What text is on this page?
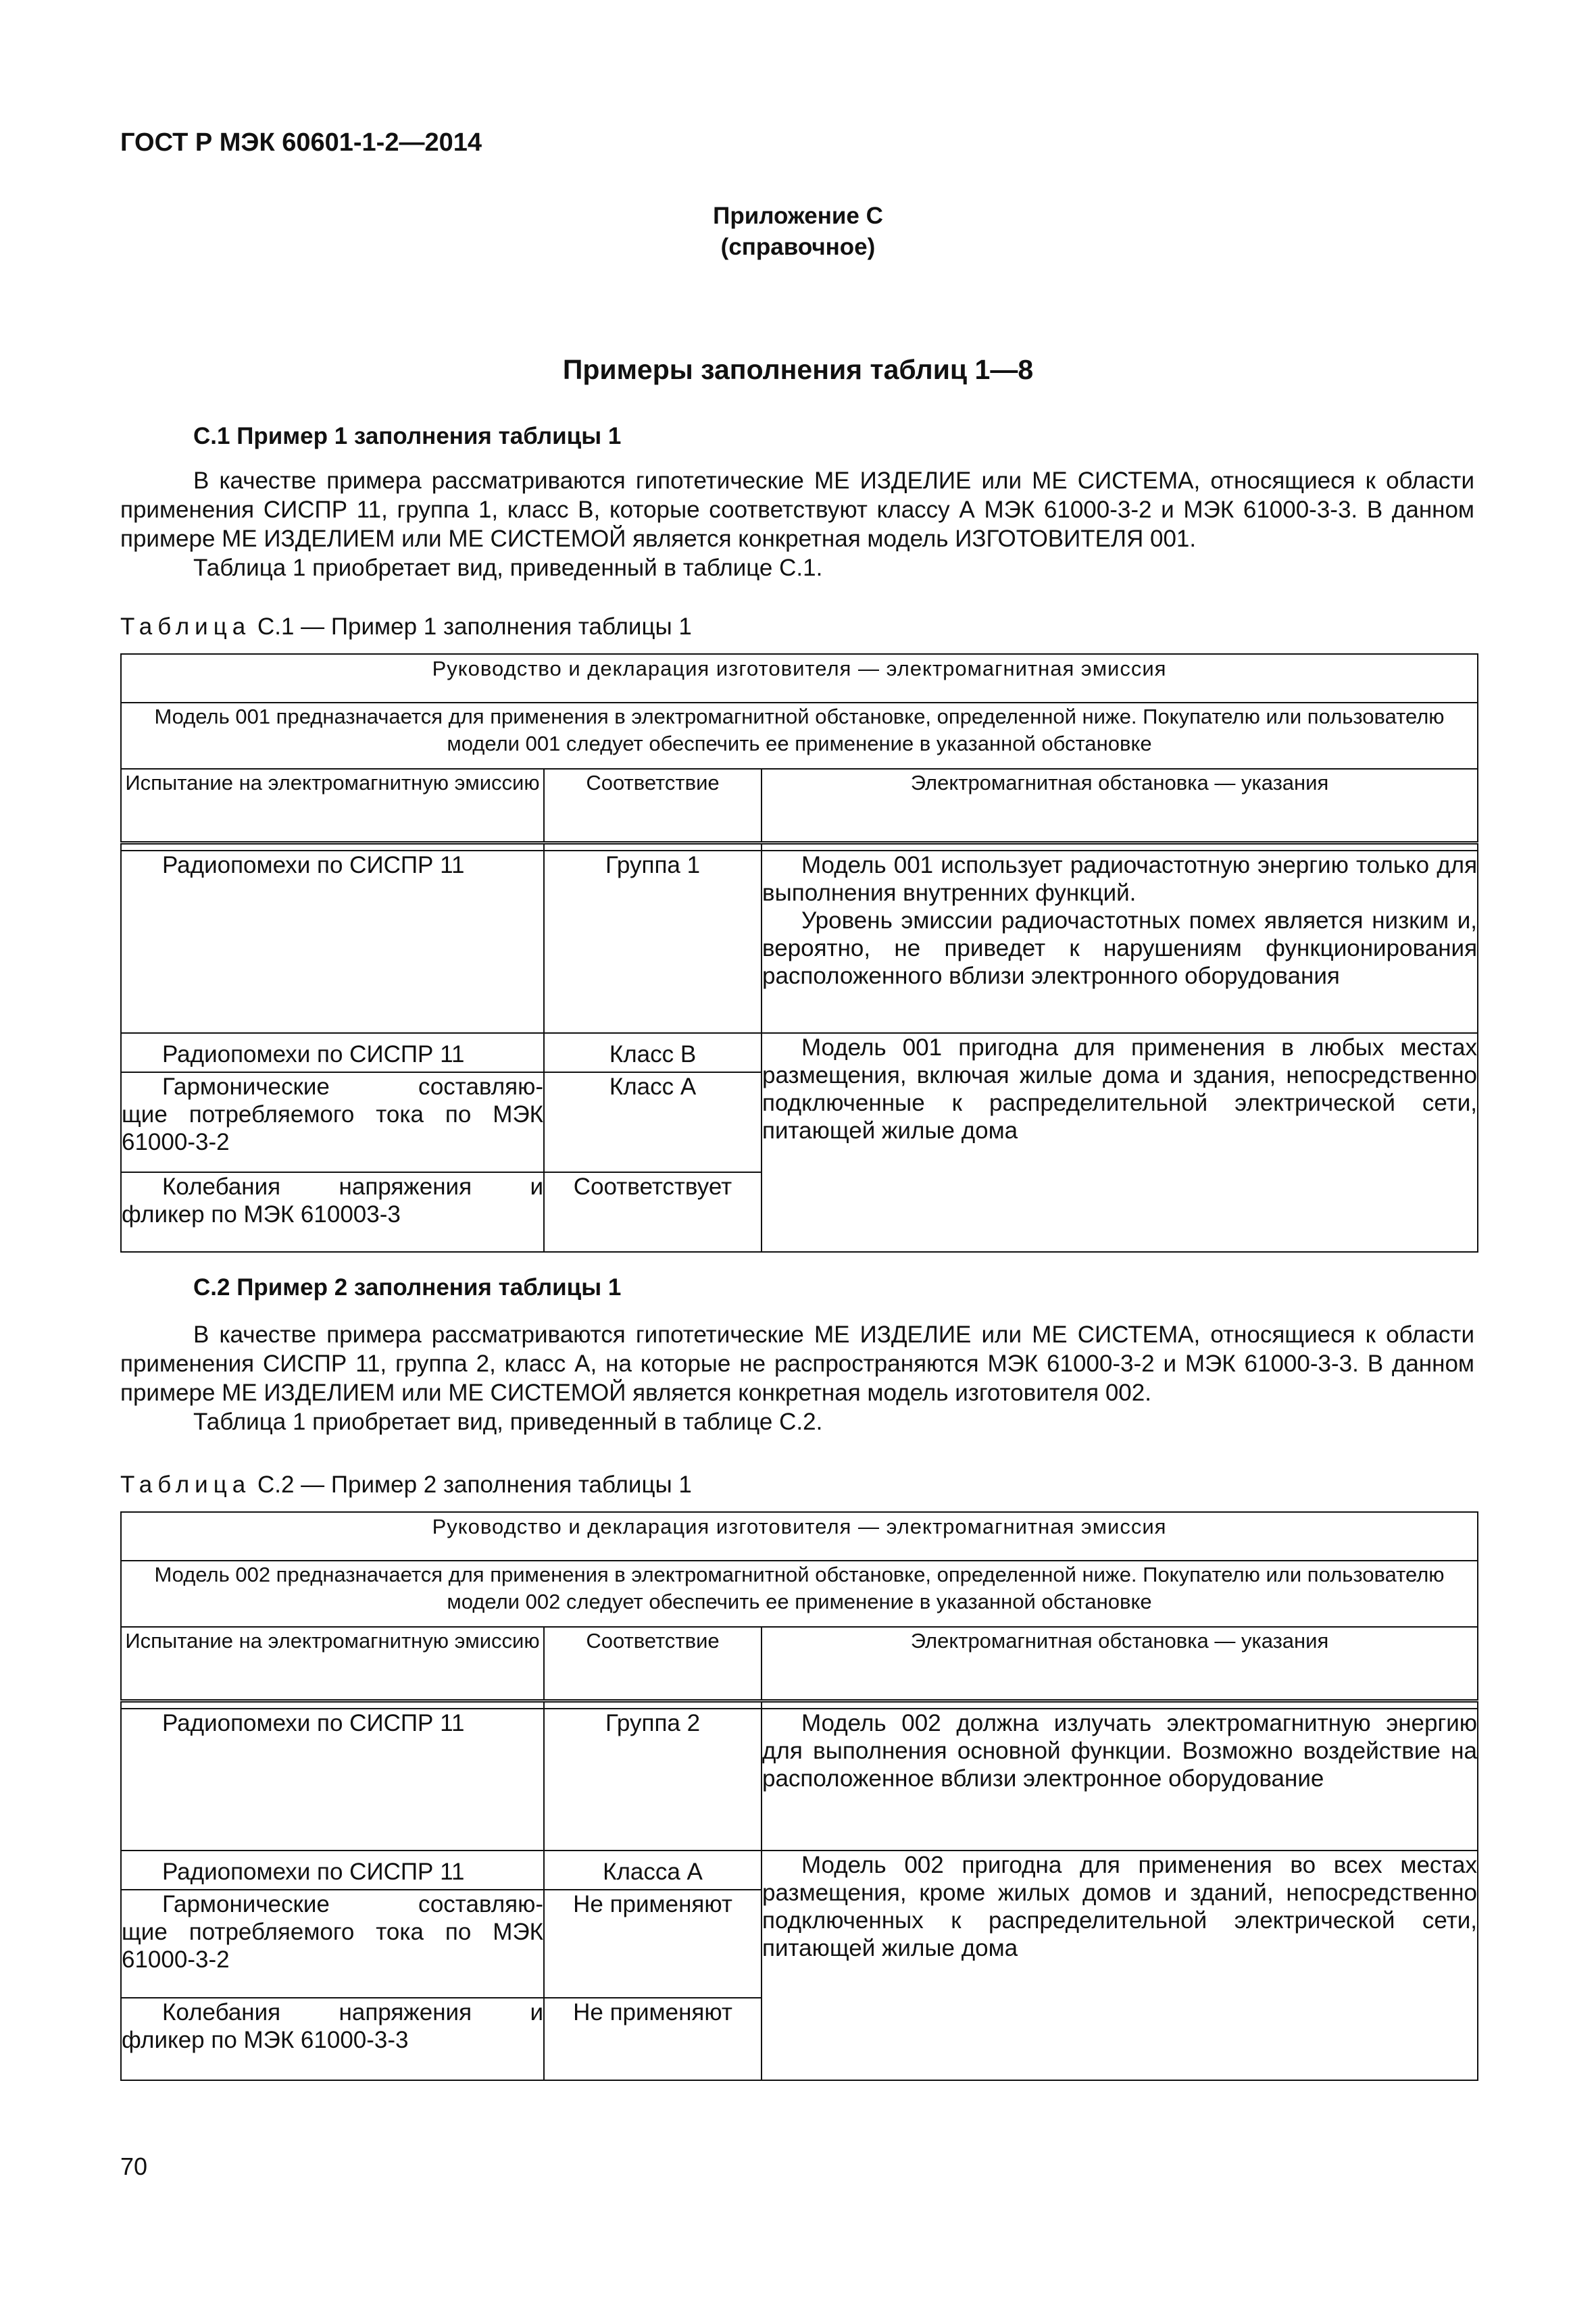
ГОСТ Р МЭК 60601-1-2—2014
Приложение С
(справочное)
Примеры заполнения таблиц 1—8
С.1 Пример 1 заполнения таблицы 1

В качестве примера рассматриваются гипотетические МЕ ИЗДЕЛИЕ или МЕ СИСТЕМА, относящиеся к области применения СИСПР 11, группа 1, класс В, которые соответствуют классу А МЭК 61000-3-2 и МЭК 61000-3-3. В данном примере МЕ ИЗДЕЛИЕМ или МЕ СИСТЕМОЙ является конкретная модель ИЗГОТОВИТЕЛЯ 001.

Таблица 1 приобретает вид, приведенный в таблице С.1.

Таблица С.1 — Пример 1 заполнения таблицы 1
Руководство и декларация изготовителя — электромагнитная эмиссия		
Модель 001 предназначается для применения в электромагнитной обстановке, определенной ниже. Покупателю или пользователю модели 001 следует обеспечить ее применение в указанной обстановке		
Испытание на электромагнитную эмиссию	Соответствие	Электромагнитная обстановка — указания

Радиопомехи по СИСПР 11	Группа 1	Модель 001 использует радиочастотную энергию только для выполнения внутренних функций.

Уровень эмиссии радиочастотных помех является низким и, вероятно, не приведет к нарушениям функционирования расположенного вблизи электронного оборудования

Радиопомехи по СИСПР 11	Класс В	Модель 001 пригодна для применения в любых местах размещения, включая жилые дома и здания, непосредственно подключенные к распределительной электрической сети, питающей жилые дома

Гармонические составляю-
щие потребляемого тока по МЭК 61000-3-2	Класс А	

Колебания напряжения и
фликер по МЭК 610003-3	Соответствует	
С.2 Пример 2 заполнения таблицы 1

В качестве примера рассматриваются гипотетические МЕ ИЗДЕЛИЕ или МЕ СИСТЕМА, относящиеся к области применения СИСПР 11, группа 2, класс А, на которые не распространяются МЭК 61000-3-2 и МЭК 61000-3-3. В данном примере МЕ ИЗДЕЛИЕМ или МЕ СИСТЕМОЙ является конкретная модель изготовителя 002.

Таблица 1 приобретает вид, приведенный в таблице С.2.

Таблица С.2 — Пример 2 заполнения таблицы 1
Руководство и декларация изготовителя — электромагнитная эмиссия		
Модель 002 предназначается для применения в электромагнитной обстановке, определенной ниже. Покупателю или пользователю модели 002 следует обеспечить ее применение в указанной обстановке		
Испытание на электромагнитную эмиссию	Соответствие	Электромагнитная обстановка — указания

Радиопомехи по СИСПР 11	Группа 2	Модель 002 должна излучать электромагнитную энергию для выполнения основной функции. Возможно воздействие на расположенное вблизи электронное оборудование

Радиопомехи по СИСПР 11	Класса А	Модель 002 пригодна для применения во всех местах размещения, кроме жилых домов и зданий, непосредственно подключенных к распределительной электрической сети, питающей жилые дома

Гармонические составляю-
щие потребляемого тока по МЭК 61000-3-2	Не применяют	

Колебания напряжения и
фликер по МЭК 61000-3-3	Не применяют	
70
